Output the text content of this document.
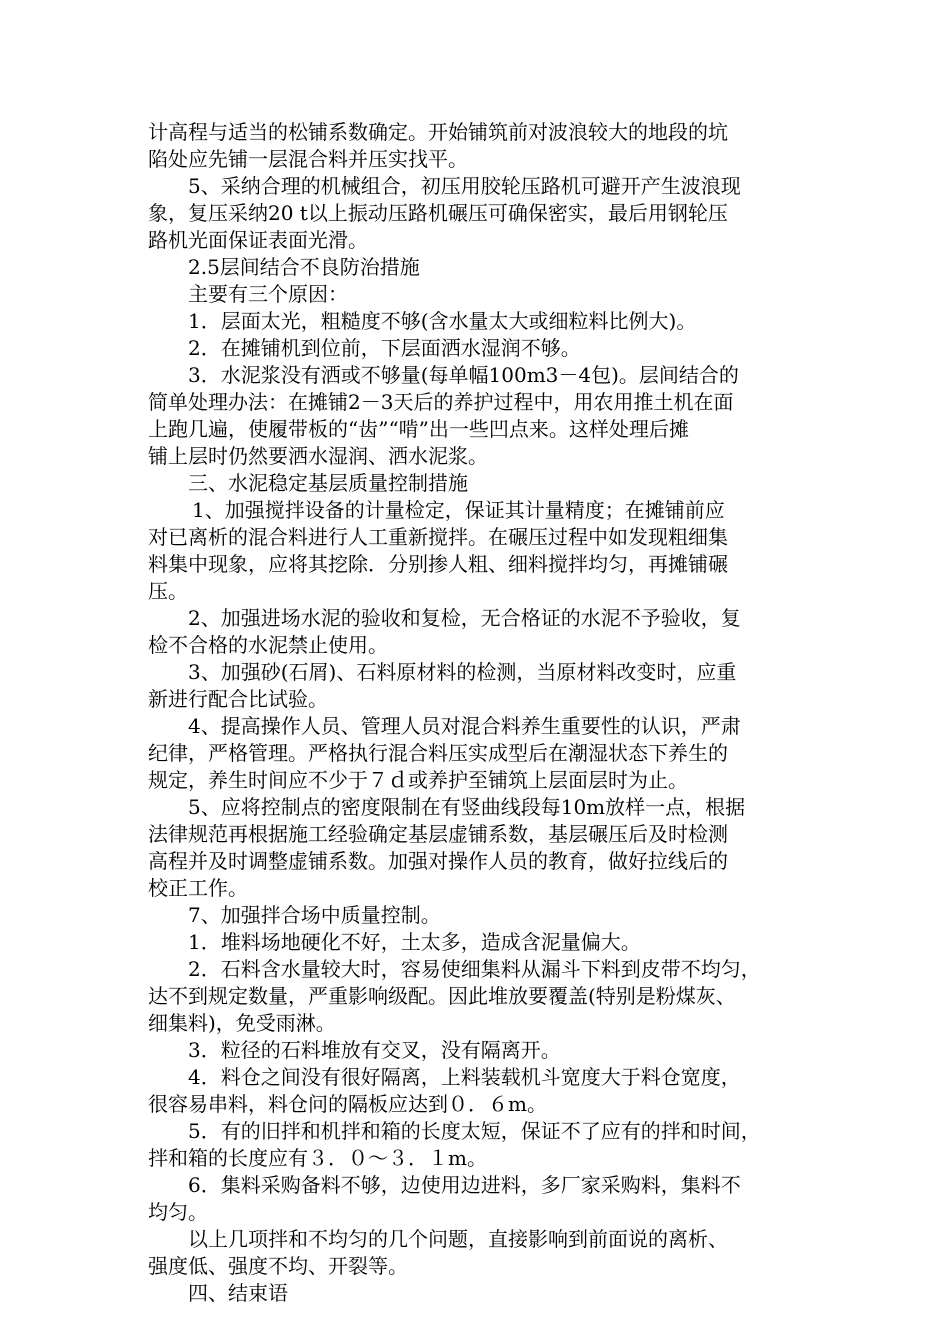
计高程与适当的松铺系数确定。开始铺筑前对波浪较大的地段的坑
陷处应先铺一层混合料并压实找平。
5、采纳合理的机械组合，初压用胶轮压路机可避开产生波浪现
象，复压采纳20 t以上振动压路机碾压可确保密实，最后用钢轮压
路机光面保证表面光滑。
2.5层间结合不良防治措施
主要有三个原因：
1．层面太光，粗糙度不够(含水量太大或细粒料比例大)。
2．在摊铺机到位前，下层面洒水湿润不够。
3．水泥浆没有洒或不够量(每单幅100m3－4包)。层间结合的
简单处理办法：在摊铺2－3天后的养护过程中，用农用推土机在面
上跑几遍，使履带板的“齿”“啃”出一些凹点来。这样处理后摊
铺上层时仍然要洒水湿润、洒水泥浆。
三、水泥稳定基层质量控制措施
1、加强搅拌设备的计量检定，保证其计量精度；在摊铺前应
对已离析的混合料进行人工重新搅拌。在碾压过程中如发现粗细集
料集中现象，应将其挖除．分别掺人粗、细料搅拌均匀，再摊铺碾
压。
2、加强进场水泥的验收和复检，无合格证的水泥不予验收，复
检不合格的水泥禁止使用。
3、加强砂(石屑)、石料原材料的检测，当原材料改变时，应重
新进行配合比试验。
4、提高操作人员、管理人员对混合料养生重要性的认识，严肃
纪律，严格管理。严格执行混合料压实成型后在潮湿状态下养生的
规定，养生时间应不少于７ｄ或养护至铺筑上层面层时为止。
5、应将控制点的密度限制在有竖曲线段每10m放样一点，根据
法律规范再根据施工经验确定基层虚铺系数，基层碾压后及时检测
高程并及时调整虚铺系数。加强对操作人员的教育，做好拉线后的
校正工作。
7、加强拌合场中质量控制。
1．堆料场地硬化不好，土太多，造成含泥量偏大。
2．石料含水量较大时，容易使细集料从漏斗下料到皮带不均匀，
达不到规定数量，严重影响级配。因此堆放要覆盖(特别是粉煤灰、
细集料)，免受雨淋。
3．粒径的石料堆放有交叉，没有隔离开。
4．料仓之间没有很好隔离，上料装载机斗宽度大于料仓宽度，
很容易串料，料仓问的隔板应达到０．６m。
5．有的旧拌和机拌和箱的长度太短，保证不了应有的拌和时间，
拌和箱的长度应有３．０～３．１m。
6．集料采购备料不够，边使用边进料，多厂家采购料，集料不
均匀。
以上几项拌和不均匀的几个问题，直接影响到前面说的离析、
强度低、强度不均、开裂等。
四、结束语
